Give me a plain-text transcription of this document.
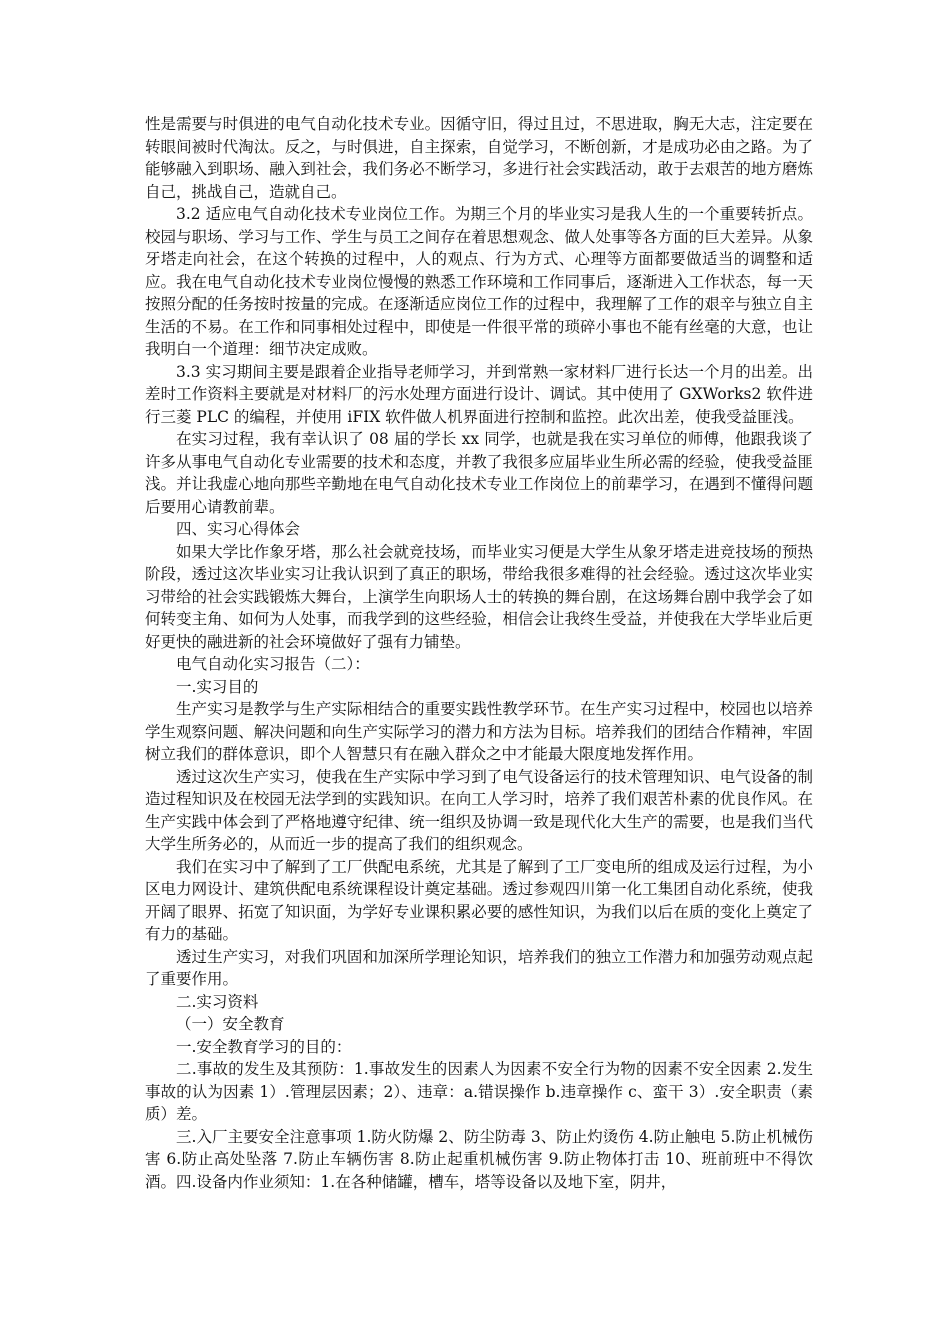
性是需要与时俱进的电气自动化技术专业。因循守旧，得过且过，不思进取，胸无大志，注定要在转眼间被时代淘汰。反之，与时俱进，自主探索，自觉学习，不断创新，才是成功必由之路。为了能够融入到职场、融入到社会，我们务必不断学习，多进行社会实践活动，敢于去艰苦的地方磨炼自己，挑战自己，造就自己。

3.2 适应电气自动化技术专业岗位工作。为期三个月的毕业实习是我人生的一个重要转折点。校园与职场、学习与工作、学生与员工之间存在着思想观念、做人处事等各方面的巨大差异。从象牙塔走向社会，在这个转换的过程中，人的观点、行为方式、心理等方面都要做适当的调整和适应。我在电气自动化技术专业岗位慢慢的熟悉工作环境和工作同事后，逐渐进入工作状态，每一天按照分配的任务按时按量的完成。在逐渐适应岗位工作的过程中，我理解了工作的艰辛与独立自主生活的不易。在工作和同事相处过程中，即使是一件很平常的琐碎小事也不能有丝毫的大意，也让我明白一个道理：细节决定成败。

3.3 实习期间主要是跟着企业指导老师学习，并到常熟一家材料厂进行长达一个月的出差。出差时工作资料主要就是对材料厂的污水处理方面进行设计、调试。其中使用了 GXWorks2 软件进行三菱 PLC 的编程，并使用 iFIX 软件做人机界面进行控制和监控。此次出差，使我受益匪浅。

在实习过程，我有幸认识了 08 届的学长 xx 同学，也就是我在实习单位的师傅，他跟我谈了许多从事电气自动化专业需要的技术和态度，并教了我很多应届毕业生所必需的经验，使我受益匪浅。并让我虚心地向那些辛勤地在电气自动化技术专业工作岗位上的前辈学习，在遇到不懂得问题后要用心请教前辈。

四、实习心得体会

如果大学比作象牙塔，那么社会就竞技场，而毕业实习便是大学生从象牙塔走进竞技场的预热阶段，透过这次毕业实习让我认识到了真正的职场，带给我很多难得的社会经验。透过这次毕业实习带给的社会实践锻炼大舞台，上演学生向职场人士的转换的舞台剧，在这场舞台剧中我学会了如何转变主角、如何为人处事，而我学到的这些经验，相信会让我终生受益，并使我在大学毕业后更好更快的融进新的社会环境做好了强有力铺垫。

电气自动化实习报告（二）：

一.实习目的

生产实习是教学与生产实际相结合的重要实践性教学环节。在生产实习过程中，校园也以培养学生观察问题、解决问题和向生产实际学习的潜力和方法为目标。培养我们的团结合作精神，牢固树立我们的群体意识，即个人智慧只有在融入群众之中才能最大限度地发挥作用。

透过这次生产实习，使我在生产实际中学习到了电气设备运行的技术管理知识、电气设备的制造过程知识及在校园无法学到的实践知识。在向工人学习时，培养了我们艰苦朴素的优良作风。在生产实践中体会到了严格地遵守纪律、统一组织及协调一致是现代化大生产的需要，也是我们当代大学生所务必的，从而近一步的提高了我们的组织观念。

我们在实习中了解到了工厂供配电系统，尤其是了解到了工厂变电所的组成及运行过程，为小区电力网设计、建筑供配电系统课程设计奠定基础。透过参观四川第一化工集团自动化系统，使我开阔了眼界、拓宽了知识面，为学好专业课积累必要的感性知识，为我们以后在质的变化上奠定了有力的基础。

透过生产实习，对我们巩固和加深所学理论知识，培养我们的独立工作潜力和加强劳动观点起了重要作用。

二.实习资料

（一）安全教育

一.安全教育学习的目的：

二.事故的发生及其预防：1.事故发生的因素人为因素不安全行为物的因素不安全因素 2.发生事故的认为因素 1）.管理层因素；2）、违章：a.错误操作 b.违章操作 c、蛮干 3）.安全职责（素质）差。

三.入厂主要安全注意事项 1.防火防爆 2、防尘防毒 3、防止灼烫伤 4.防止触电 5.防止机械伤害 6.防止高处坠落 7.防止车辆伤害 8.防止起重机械伤害 9.防止物体打击 10、班前班中不得饮酒。四.设备内作业须知：1.在各种储罐，槽车，塔等设备以及地下室，阴井，
